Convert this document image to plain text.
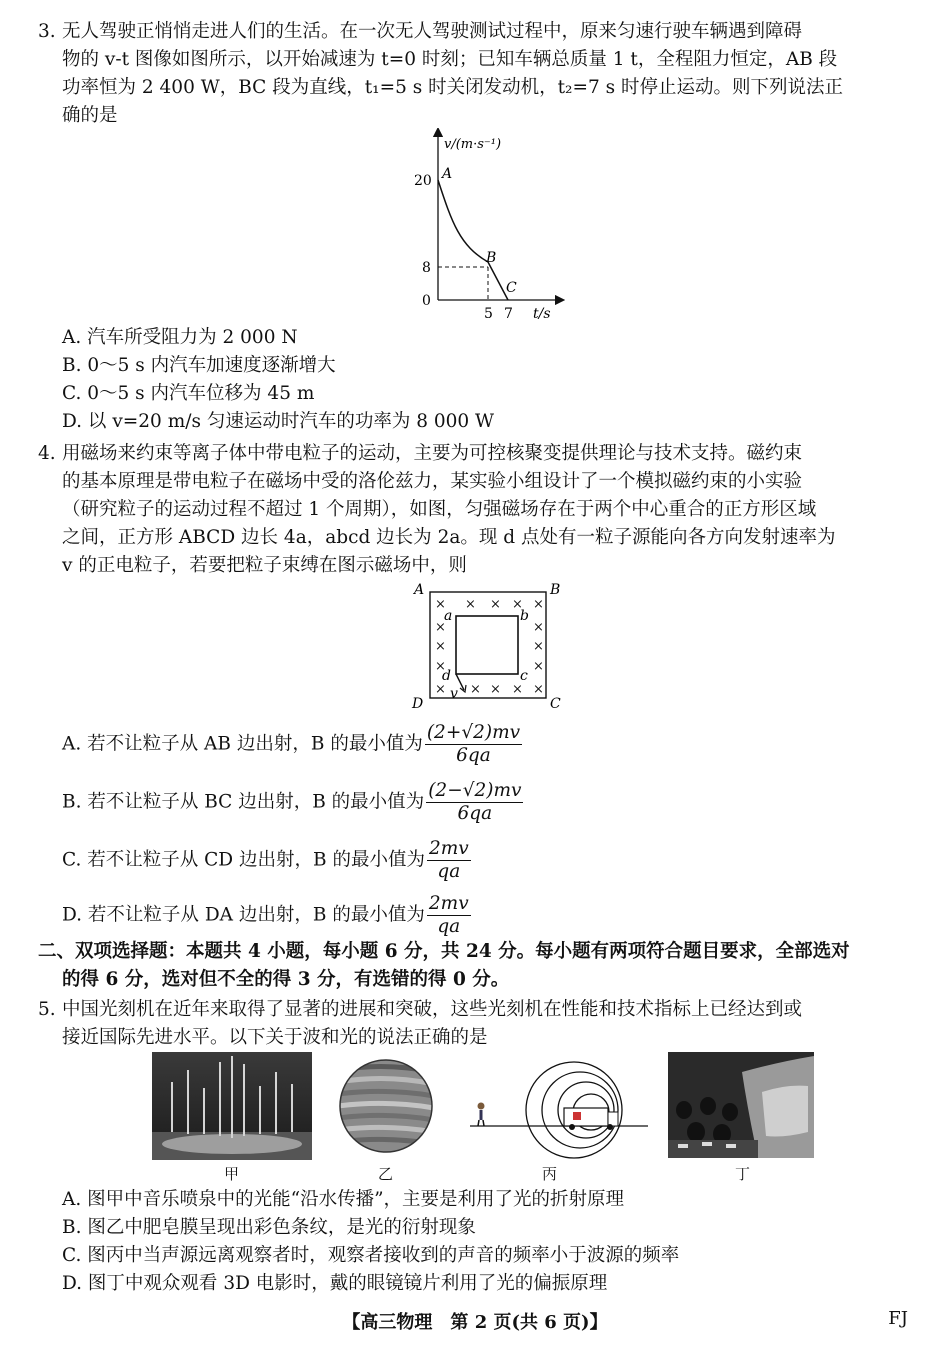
3. 无人驾驶正悄悄走进人们的生活。在一次无人驾驶测试过程中，原来匀速行驶车辆遇到障碍
物的 v-t 图像如图所示，以开始减速为 t=0 时刻；已知车辆总质量 1 t，全程阻力恒定，AB 段
功率恒为 2 400 W，BC 段为直线，t₁=5 s 时关闭发动机，t₂=7 s 时停止运动。则下列说法正
确的是
v/(m·s⁻¹)
t/s
20
8
0
5 7
A
B
C
A. 汽车所受阻力为 2 000 N
B. 0～5 s 内汽车加速度逐渐增大
C. 0～5 s 内汽车位移为 45 m
D. 以 v=20 m/s 匀速运动时汽车的功率为 8 000 W
4. 用磁场来约束等离子体中带电粒子的运动，主要为可控核聚变提供理论与技术支持。磁约束
的基本原理是带电粒子在磁场中受的洛伦兹力，某实验小组设计了一个模拟磁约束的小实验
（研究粒子的运动过程不超过 1 个周期），如图，匀强磁场存在于两个中心重合的正方形区域
之间，正方形 ABCD 边长 4a，abcd 边长为 2a。现 d 点处有一粒子源能向各方向发射速率为
v 的正电粒子，若要把粒子束缚在图示磁场中，则
× × × × ×
×	×
×	×
×	×
× × × × ×
A	B
C
D
a	b
c
d
v
A. 若不让粒子从 AB 边出射，B 的最小值为 $\frac{(2+√2)mv}{6qa}$
B. 若不让粒子从 BC 边出射，B 的最小值为 $\frac{(2-√2)mv}{6qa}$
C. 若不让粒子从 CD 边出射，B 的最小值为 $\frac{2mv}{qa}$
D. 若不让粒子从 DA 边出射，B 的最小值为 $\frac{2mv}{qa}$
二、双项选择题：本题共 4 小题，每小题 6 分，共 24 分。每小题有两项符合题目要求，全部选对
的得 6 分，选对但不全的得 3 分，有选错的得 0 分。
5. 中国光刻机在近年来取得了显著的进展和突破，这些光刻机在性能和技术指标上已经达到或
接近国际先进水平。以下关于波和光的说法正确的是
甲	乙	丙	丁
A. 图甲中音乐喷泉中的光能“沿水传播”，主要是利用了光的折射原理
B. 图乙中肥皂膜呈现出彩色条纹，是光的衍射现象
C. 图丙中当声源远离观察者时，观察者接收到的声音的频率小于波源的频率
D. 图丁中观众观看 3D 电影时，戴的眼镜镜片利用了光的偏振原理
【高三物理　第 2 页(共 6 页)】	FJ
